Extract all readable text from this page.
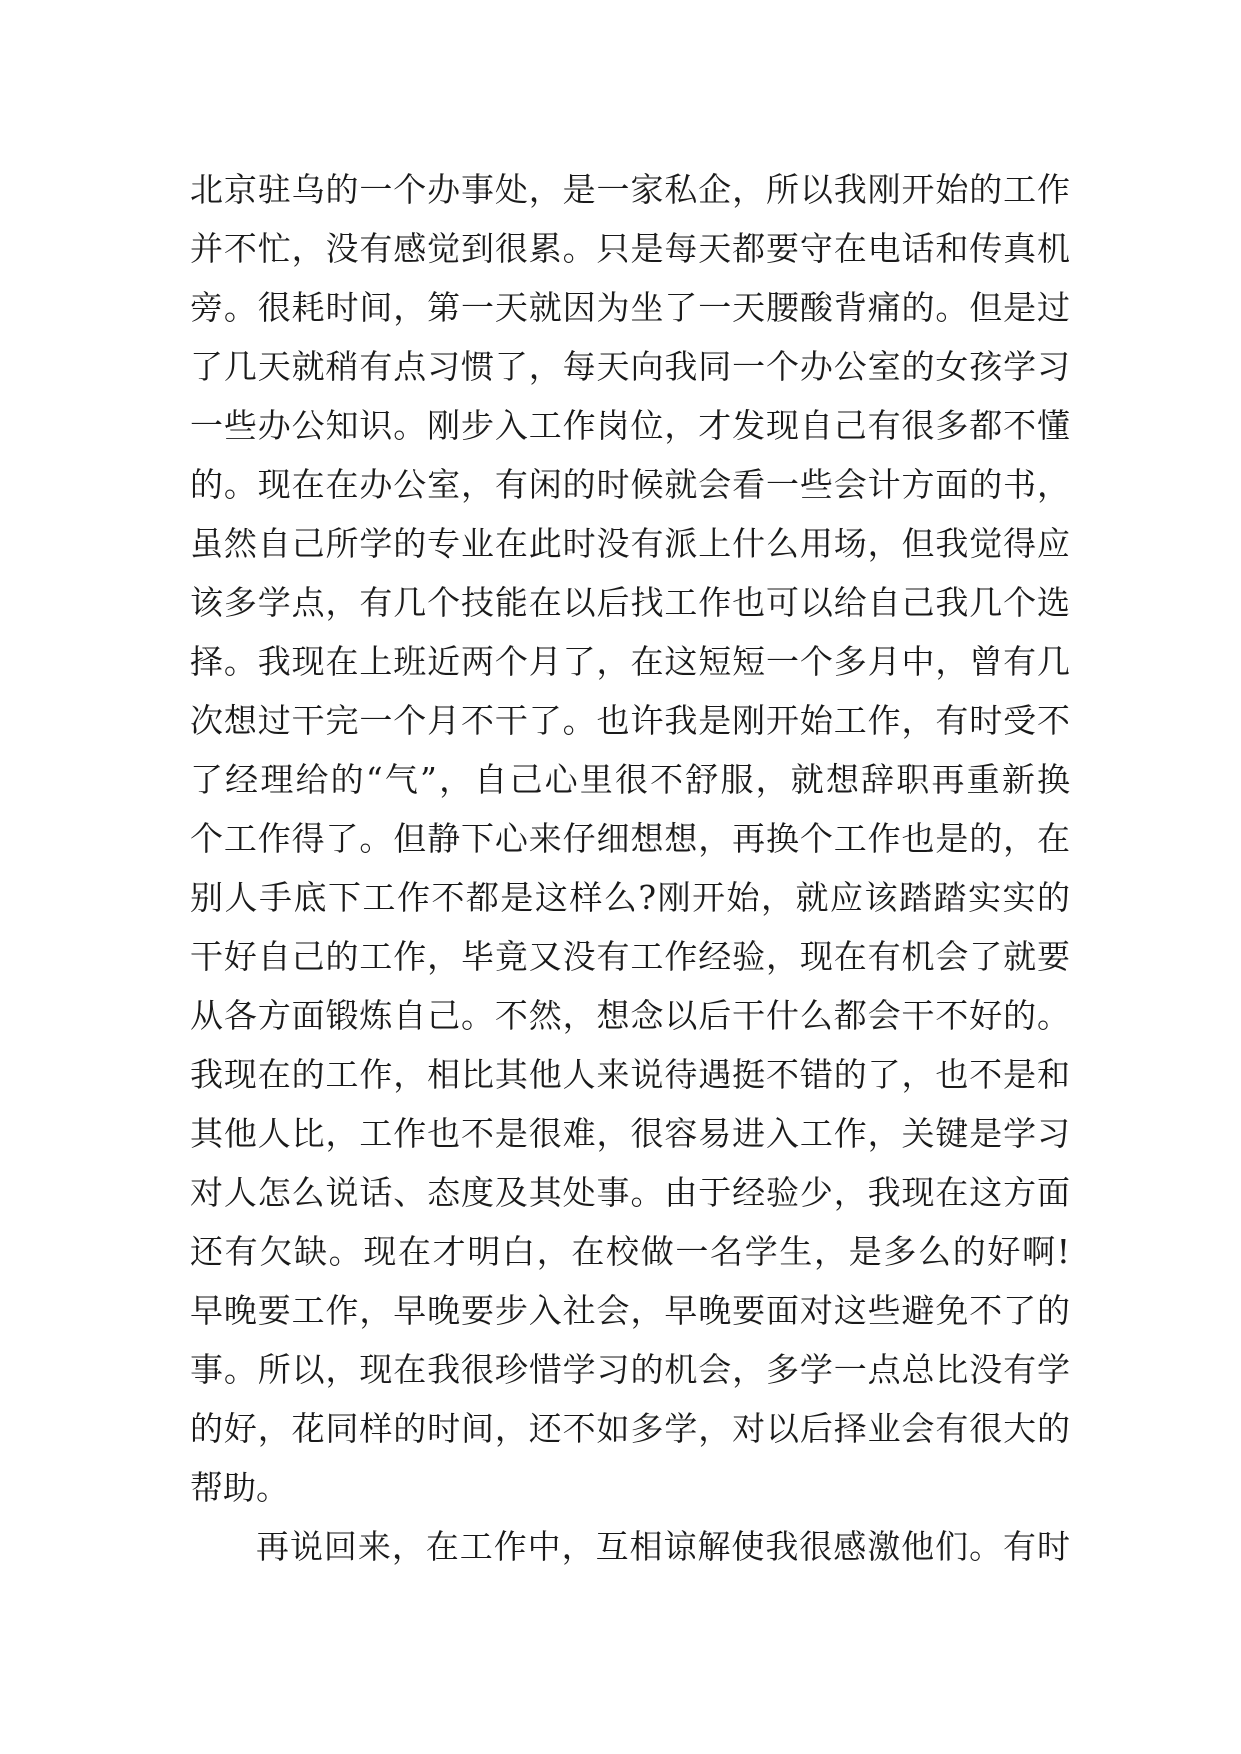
北京驻乌的一个办事处，是一家私企，所以我刚开始的工作
并不忙，没有感觉到很累。只是每天都要守在电话和传真机
旁。很耗时间，第一天就因为坐了一天腰酸背痛的。但是过
了几天就稍有点习惯了，每天向我同一个办公室的女孩学习
一些办公知识。刚步入工作岗位，才发现自己有很多都不懂
的。现在在办公室，有闲的时候就会看一些会计方面的书，
虽然自己所学的专业在此时没有派上什么用场，但我觉得应
该多学点，有几个技能在以后找工作也可以给自己我几个选
择。我现在上班近两个月了，在这短短一个多月中，曾有几
次想过干完一个月不干了。也许我是刚开始工作，有时受不
了经理给的“气”，自己心里很不舒服，就想辞职再重新换
个工作得了。但静下心来仔细想想，再换个工作也是的，在
别人手底下工作不都是这样么?刚开始，就应该踏踏实实的
干好自己的工作，毕竟又没有工作经验，现在有机会了就要
从各方面锻炼自己。不然，想念以后干什么都会干不好的。
我现在的工作，相比其他人来说待遇挺不错的了，也不是和
其他人比，工作也不是很难，很容易进入工作，关键是学习
对人怎么说话、态度及其处事。由于经验少，我现在这方面
还有欠缺。现在才明白，在校做一名学生，是多么的好啊!
早晚要工作，早晚要步入社会，早晚要面对这些避免不了的
事。所以，现在我很珍惜学习的机会，多学一点总比没有学
的好，花同样的时间，还不如多学，对以后择业会有很大的
帮助。
再说回来，在工作中，互相谅解使我很感激他们。有时
